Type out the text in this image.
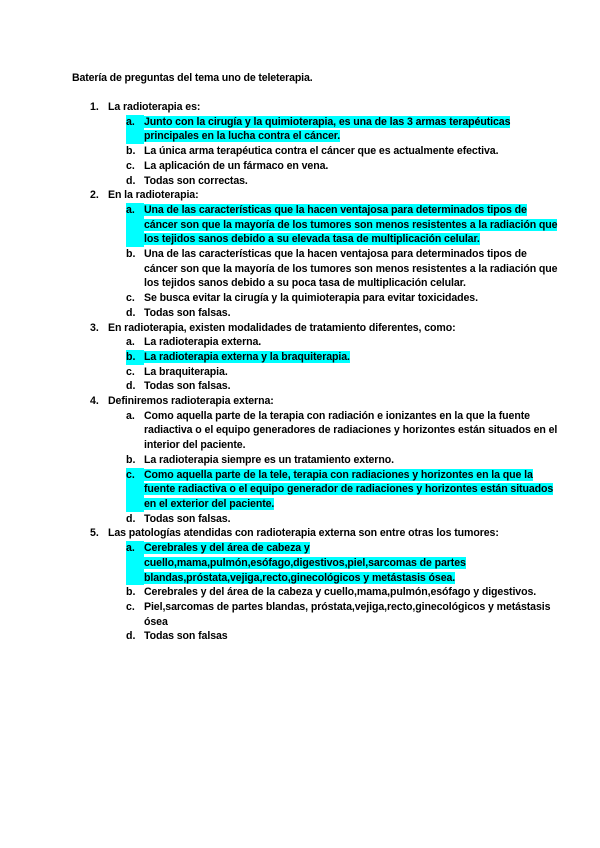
Batería de preguntas del tema uno de teleterapia.
1. La radioterapia es:
a. Junto con la cirugía y la quimioterapia, es una de las 3 armas terapéuticas principales en la lucha contra el cáncer.
b. La única arma terapéutica contra el cáncer que es actualmente efectiva.
c. La aplicación de un fármaco en vena.
d. Todas son correctas.
2. En la radioterapia:
a. Una de las características que la hacen ventajosa para determinados tipos de cáncer son que la mayoría de los tumores son menos resistentes a la radiación que los tejidos sanos debido a su elevada tasa de multiplicación celular.
b. Una de las características que la hacen ventajosa para determinados tipos de cáncer son que la mayoría de los tumores son menos resistentes a la radiación que los tejidos sanos debido a su poca tasa de multiplicación celular.
c. Se busca evitar la cirugía y la quimioterapia para evitar toxicidades.
d. Todas son falsas.
3. En radioterapia, existen modalidades de tratamiento diferentes, como:
a. La radioterapia externa.
b. La radioterapia externa y la braquiterapia.
c. La braquiterapia.
d. Todas son falsas.
4. Definiremos radioterapia externa:
a. Como aquella parte de la terapia con radiación e ionizantes en la que la fuente radiactiva o el equipo generadores de radiaciones y horizontes están situados en el interior del paciente.
b. La radioterapia siempre es un tratamiento externo.
c. Como aquella parte de la tele, terapia con radiaciones y horizontes en la que la fuente radiactiva o el equipo generador de radiaciones y horizontes están situados en el exterior del paciente.
d. Todas son falsas.
5. Las patologías atendidas con radioterapia externa son entre otras los tumores:
a. Cerebrales y del área de cabeza y cuello,mama,pulmón,esófago,digestivos,piel,sarcomas de partes blandas,próstata,vejiga,recto,ginecológicos y metástasis ósea.
b. Cerebrales y del área de la cabeza y cuello,mama,pulmón,esófago y digestivos.
c. Piel,sarcomas de partes blandas, próstata,vejiga,recto,ginecológicos y metástasis ósea
d. Todas son falsas
